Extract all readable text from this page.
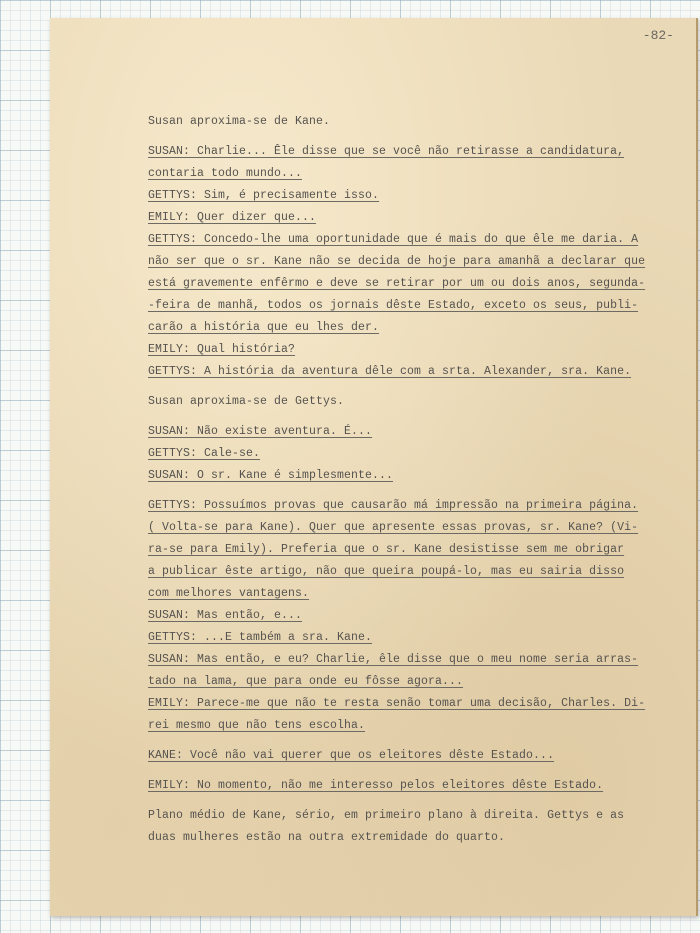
-82-
Susan aproxima-se de Kane.
SUSAN: Charlie... Êle disse que se você não retirasse a candidatura,
contaria todo mundo...
GETTYS: Sim, é precisamente isso.
EMILY: Quer dizer que...
GETTYS: Concedo-lhe uma oportunidade que é mais do que êle me daria. A
não ser que o sr. Kane não se decida de hoje para amanhã a declarar que
está gravemente enfêrmo e deve se retirar por um ou dois anos, segunda-
-feira de manhã, todos os jornais dêste Estado, exceto os seus, publi-
carão a história que eu lhes der.
EMILY: Qual história?
GETTYS: A história da aventura dêle com a srta. Alexander, sra. Kane.
Susan aproxima-se de Gettys.
SUSAN: Não existe aventura. É...
GETTYS: Cale-se.
SUSAN: O sr. Kane é simplesmente...
GETTYS: Possuímos provas que causarão má impressão na primeira página.
( Volta-se para Kane). Quer que apresente essas provas, sr. Kane? (Vi-
ra-se para Emily). Preferia que o sr. Kane desistisse sem me obrigar
a publicar êste artigo, não que queira poupá-lo, mas eu sairia disso
com melhores vantagens.
SUSAN: Mas então, e...
GETTYS: ...E também a sra. Kane.
SUSAN: Mas então, e eu? Charlie, êle disse que o meu nome seria arras-
tado na lama, que para onde eu fôsse agora...
EMILY: Parece-me que não te resta senão tomar uma decisão, Charles. Di-
rei mesmo que não tens escolha.
KANE: Você não vai querer que os eleitores dêste Estado...
EMILY: No momento, não me interesso pelos eleitores dêste Estado.
Plano médio de Kane, sério, em primeiro plano à direita. Gettys e as
duas mulheres estão na outra extremidade do quarto.
